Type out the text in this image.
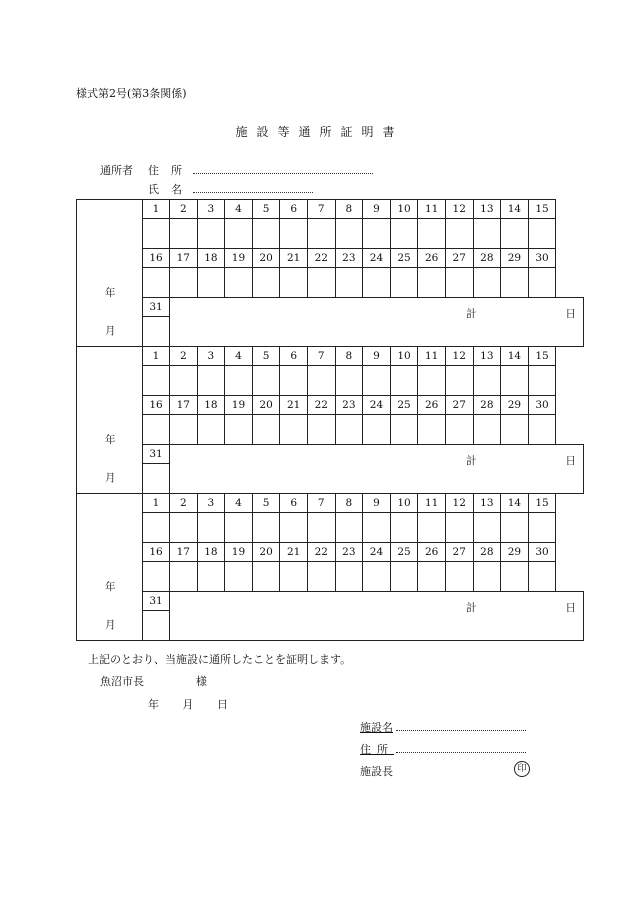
様式第2号(第3条関係)
施設等通所証明書
通所者 住所
氏名
年
月	1	2	3	4	5	6	7	8	9	10	11	12	13	14	15

	16	17	18	19	20	21	22	23	24	25	26	27	28	29	30

	31	計 日													

年
月	1	2	3	4	5	6	7	8	9	10	11	12	13	14	15

	16	17	18	19	20	21	22	23	24	25	26	27	28	29	30

	31	計 日													

年
月	1	2	3	4	5	6	7	8	9	10	11	12	13	14	15

	16	17	18	19	20	21	22	23	24	25	26	27	28	29	30

	31	計 日													

上記のとおり、当施設に通所したことを証明します。
魚沼市長	様
年 月 日
施設名
住所
施設長	印
